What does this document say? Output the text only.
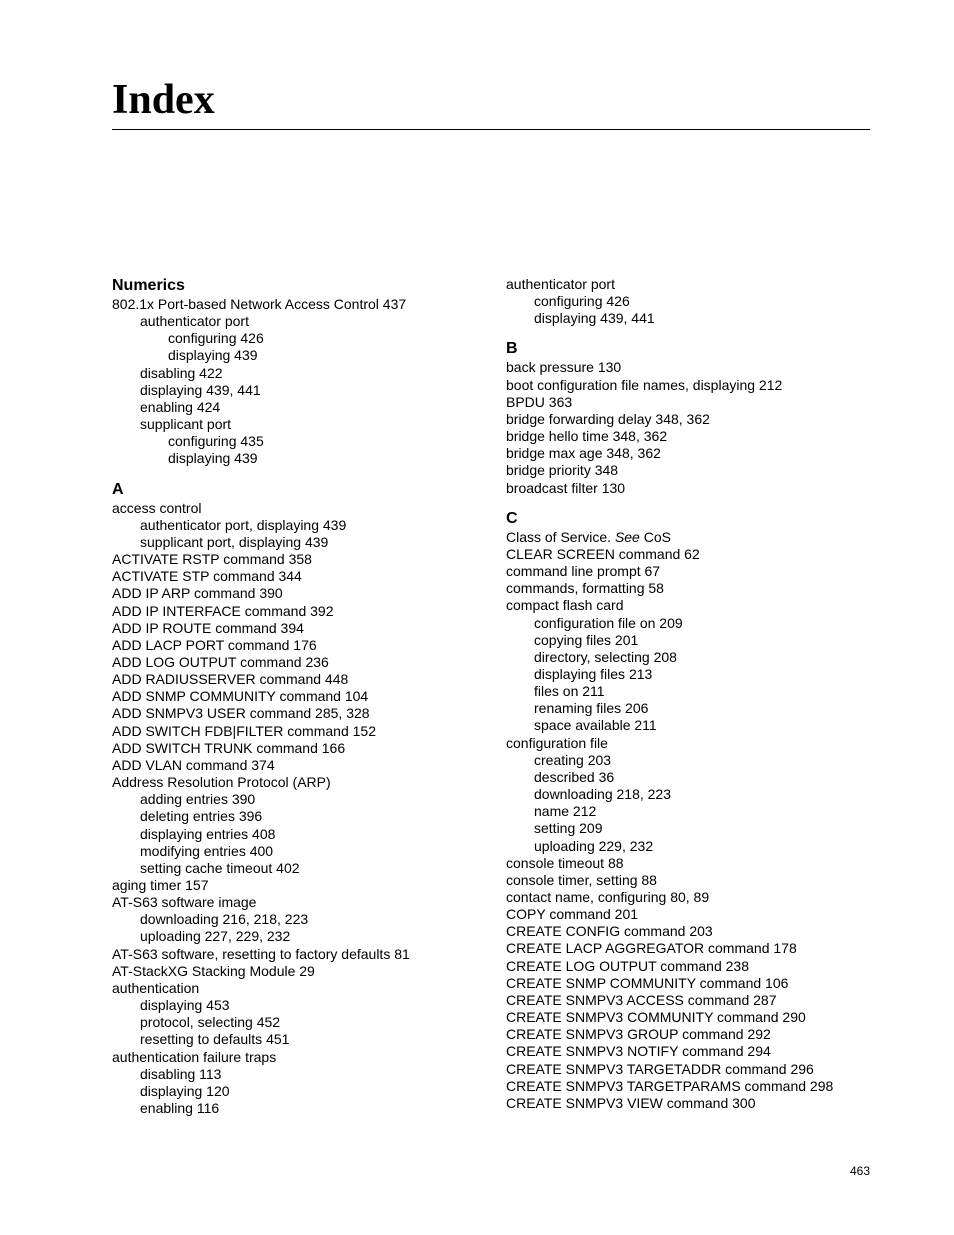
Index
Numerics
802.1x Port-based Network Access Control 437
authenticator port
configuring 426
displaying 439
disabling 422
displaying 439, 441
enabling 424
supplicant port
configuring 435
displaying 439
A
access control
authenticator port, displaying 439
supplicant port, displaying 439
ACTIVATE RSTP command 358
ACTIVATE STP command 344
ADD IP ARP command 390
ADD IP INTERFACE command 392
ADD IP ROUTE command 394
ADD LACP PORT command 176
ADD LOG OUTPUT command 236
ADD RADIUSSERVER command 448
ADD SNMP COMMUNITY command 104
ADD SNMPV3 USER command 285, 328
ADD SWITCH FDB|FILTER command 152
ADD SWITCH TRUNK command 166
ADD VLAN command 374
Address Resolution Protocol (ARP)
adding entries 390
deleting entries 396
displaying entries 408
modifying entries 400
setting cache timeout 402
aging timer 157
AT-S63 software image
downloading 216, 218, 223
uploading 227, 229, 232
AT-S63 software, resetting to factory defaults 81
AT-StackXG Stacking Module 29
authentication
displaying 453
protocol, selecting 452
resetting to defaults 451
authentication failure traps
disabling 113
displaying 120
enabling 116
authenticator port
configuring 426
displaying 439, 441
B
back pressure 130
boot configuration file names, displaying 212
BPDU 363
bridge forwarding delay 348, 362
bridge hello time 348, 362
bridge max age 348, 362
bridge priority 348
broadcast filter 130
C
Class of Service. See CoS
CLEAR SCREEN command 62
command line prompt 67
commands, formatting 58
compact flash card
configuration file on 209
copying files 201
directory, selecting 208
displaying files 213
files on 211
renaming files 206
space available 211
configuration file
creating 203
described 36
downloading 218, 223
name 212
setting 209
uploading 229, 232
console timeout 88
console timer, setting 88
contact name, configuring 80, 89
COPY command 201
CREATE CONFIG command 203
CREATE LACP AGGREGATOR command 178
CREATE LOG OUTPUT command 238
CREATE SNMP COMMUNITY command 106
CREATE SNMPV3 ACCESS command 287
CREATE SNMPV3 COMMUNITY command 290
CREATE SNMPV3 GROUP command 292
CREATE SNMPV3 NOTIFY command 294
CREATE SNMPV3 TARGETADDR command 296
CREATE SNMPV3 TARGETPARAMS command 298
CREATE SNMPV3 VIEW command 300
463
